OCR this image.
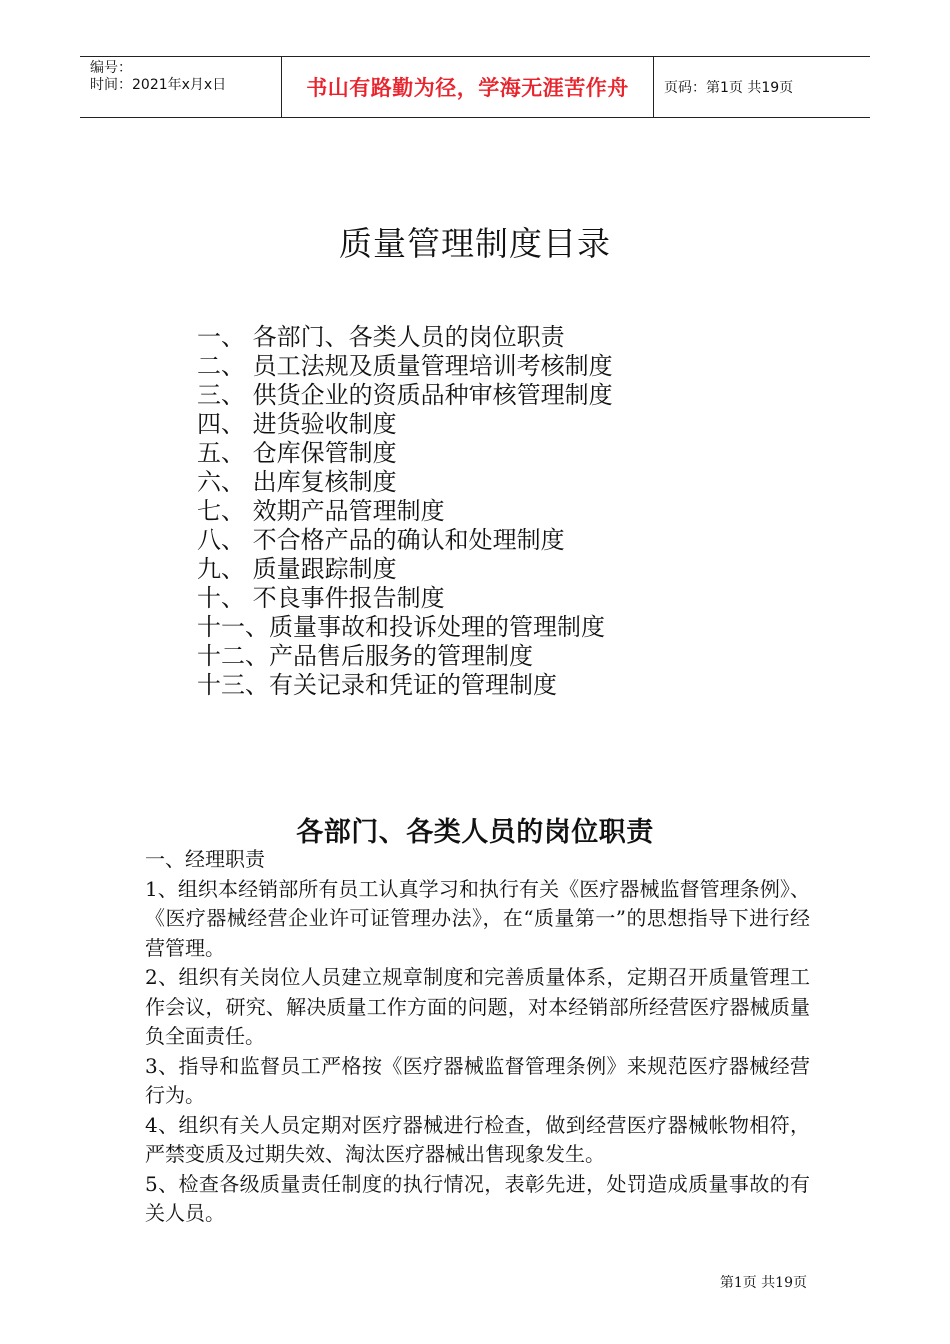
编号：
时间：2021年x月x日	书山有路勤为径，学海无涯苦作舟	页码：第1页 共19页
质量管理制度目录
一、 各部门、各类人员的岗位职责
二、 员工法规及质量管理培训考核制度
三、 供货企业的资质品种审核管理制度
四、 进货验收制度
五、 仓库保管制度
六、 出库复核制度
七、 效期产品管理制度
八、 不合格产品的确认和处理制度
九、 质量跟踪制度
十、 不良事件报告制度
十一、质量事故和投诉处理的管理制度
十二、产品售后服务的管理制度
十三、有关记录和凭证的管理制度
各部门、各类人员的岗位职责

一、经理职责

1、组织本经销部所有员工认真学习和执行有关《医疗器械监督管理条例》、《医疗器械经营企业许可证管理办法》，在“质量第一”的思想指导下进行经营管理。

2、组织有关岗位人员建立规章制度和完善质量体系，定期召开质量管理工作会议，研究、解决质量工作方面的问题，对本经销部所经营医疗器械质量负全面责任。

3、指导和监督员工严格按《医疗器械监督管理条例》来规范医疗器械经营行为。

4、组织有关人员定期对医疗器械进行检查，做到经营医疗器械帐物相符，严禁变质及过期失效、淘汰医疗器械出售现象发生。

5、检查各级质量责任制度的执行情况，表彰先进，处罚造成质量事故的有关人员。

第1页 共19页
